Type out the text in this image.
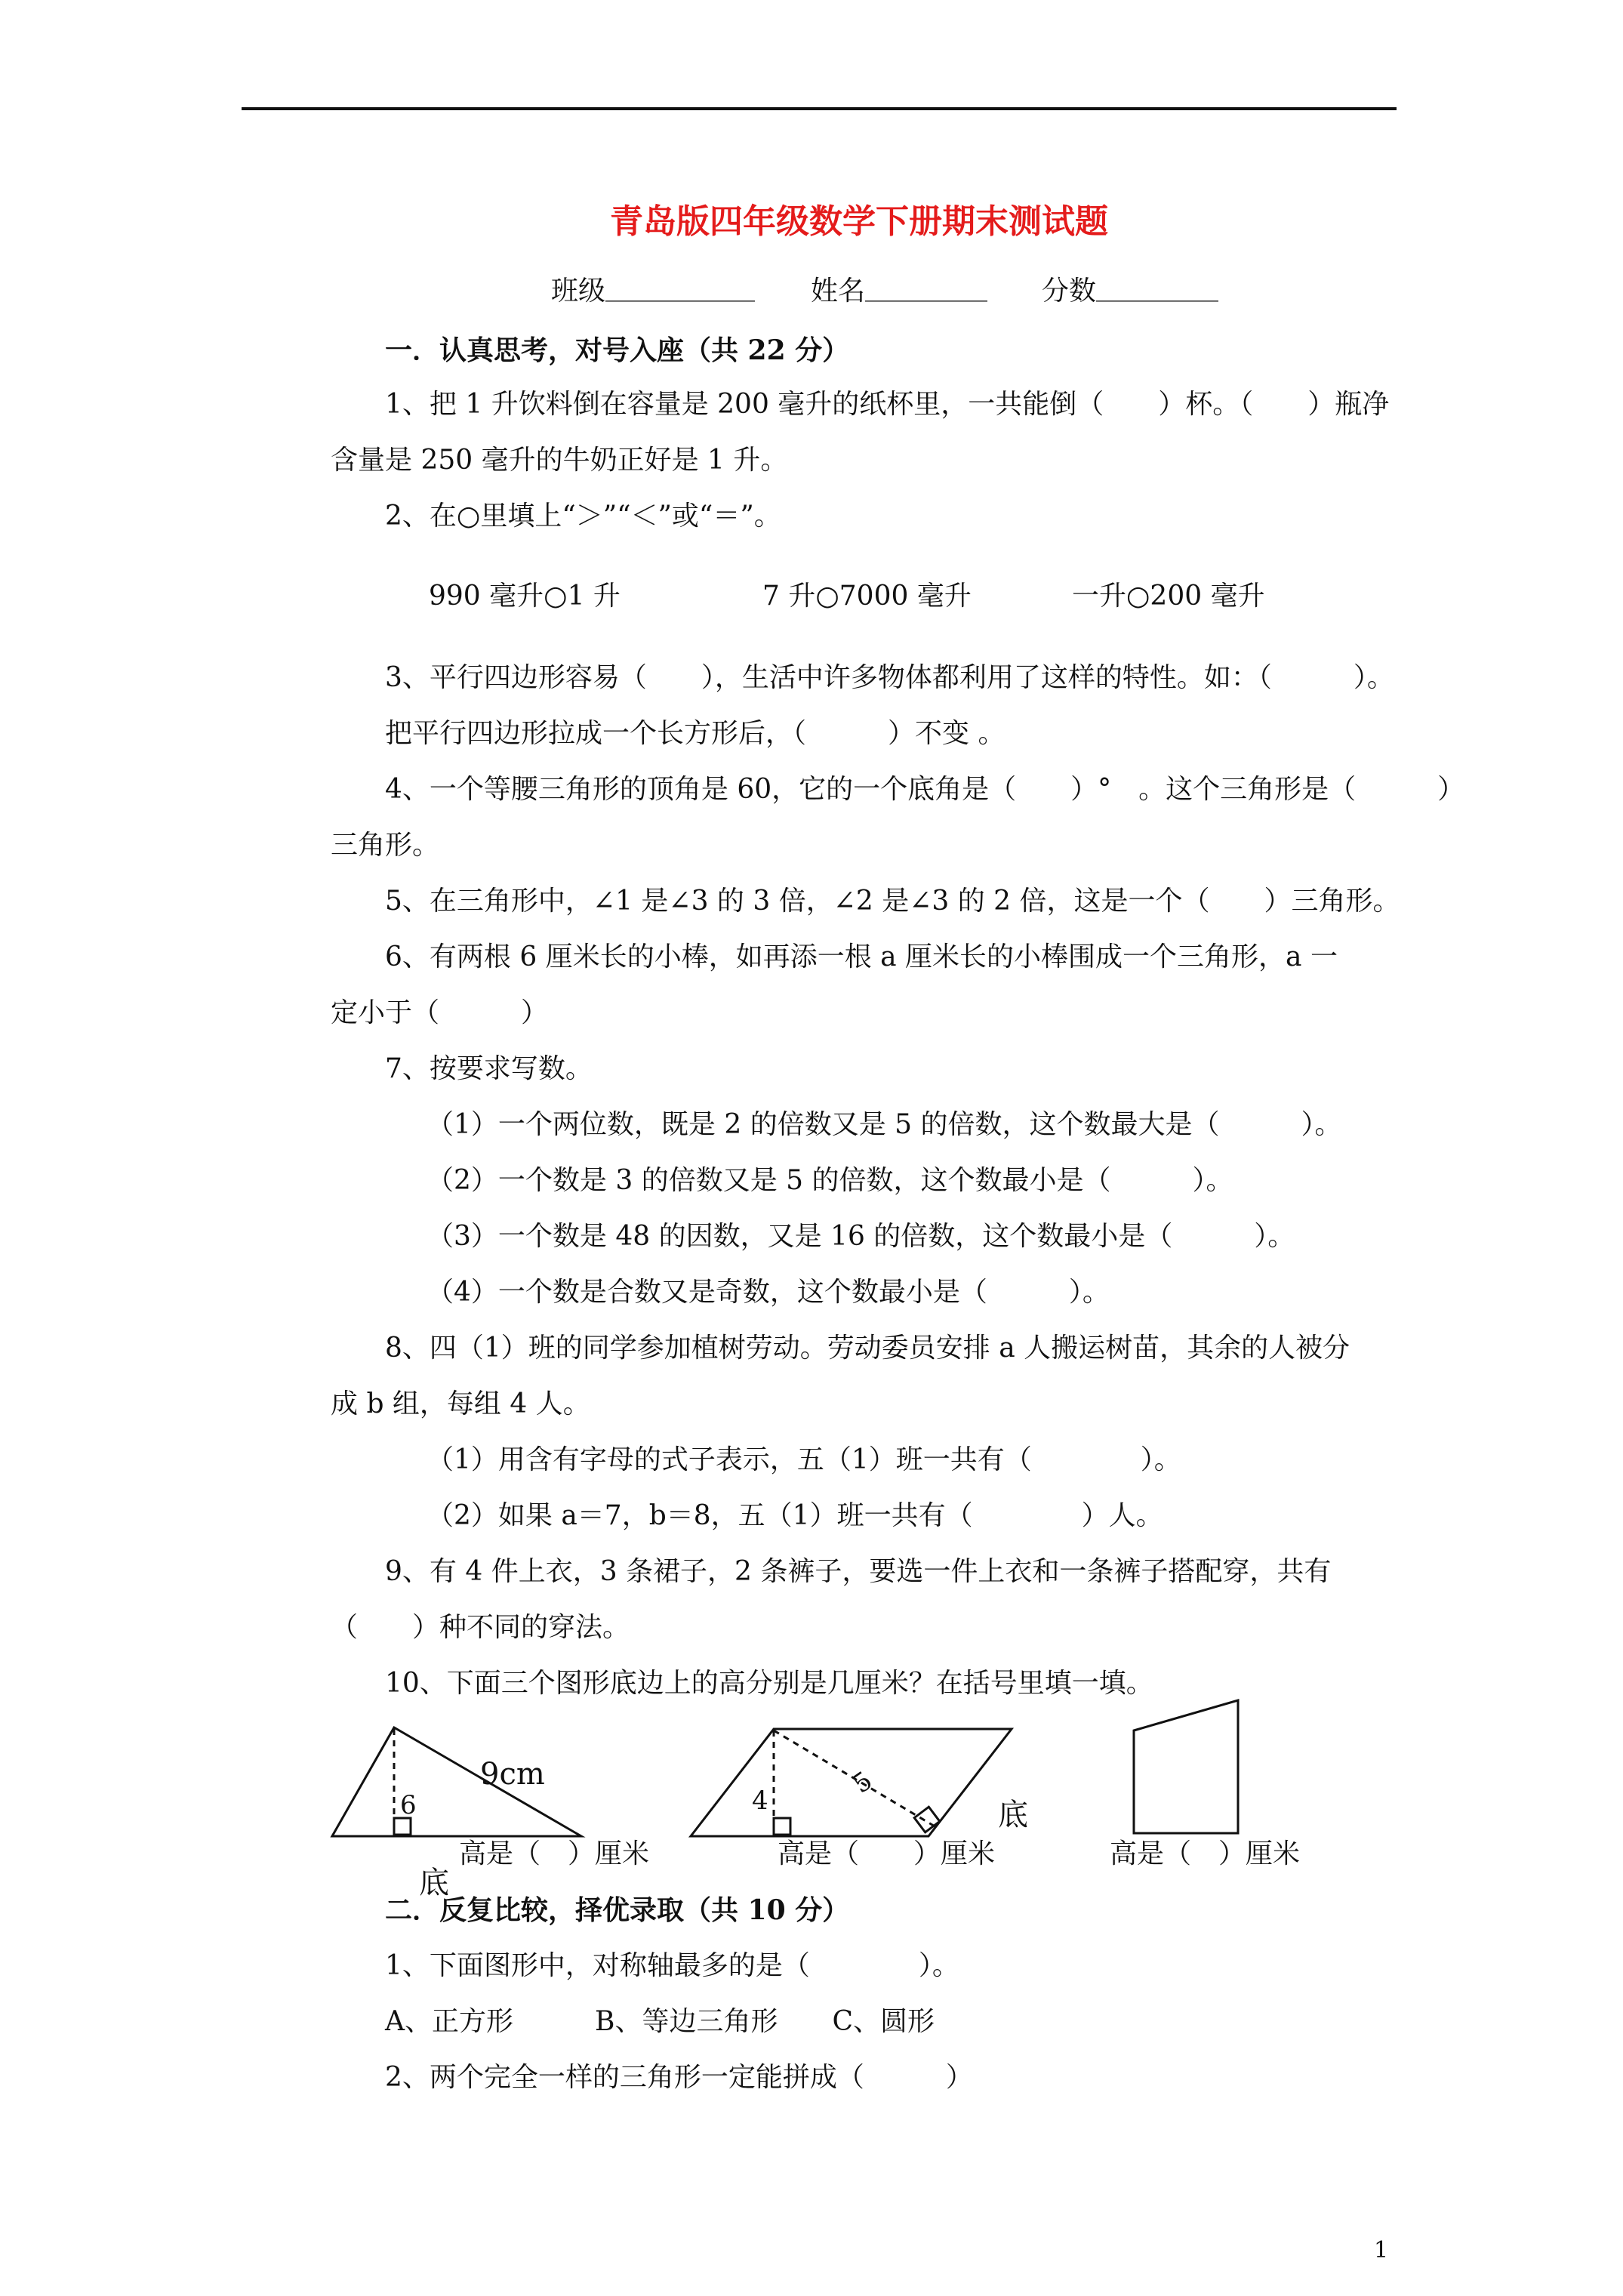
青岛版四年级数学下册期末测试题
班级 ___________ 姓名 _________ 分数 _________
一．认真思考，对号入座（共 22 分）
1、把 1 升饮料倒在容量是 200 毫升的纸杯里，一共能倒（　　）杯。（　　）瓶净
含量是 250 毫升的牛奶正好是 1 升。
2、在○里填上“＞”“＜”或“＝”。
990 毫升○1 升	7 升○7000 毫升	一升○200 毫升
3、平行四边形容易（　　），生活中许多物体都利用了这样的特性。如：（　　　）。
把平行四边形拉成一个长方形后，（　　　）不变 。
4、一个等腰三角形的顶角是 60，它的一个底角是（　　）°　。这个三角形是（　　　）
三角形。
5、在三角形中，∠1 是∠3 的 3 倍，∠2 是∠3 的 2 倍，这是一个（　　）三角形。
6、有两根 6 厘米长的小棒，如再添一根 a 厘米长的小棒围成一个三角形，a 一
定小于（　　　）
7、按要求写数。
（1）一个两位数，既是 2 的倍数又是 5 的倍数，这个数最大是（　　　）。
（2）一个数是 3 的倍数又是 5 的倍数，这个数最小是（　　　）。
（3）一个数是 48 的因数，又是 16 的倍数，这个数最小是（　　　）。
（4）一个数是合数又是奇数，这个数最小是（　　　）。
8、四（1）班的同学参加植树劳动。劳动委员安排 a 人搬运树苗，其余的人被分
成 b 组，每组 4 人。
（1）用含有字母的式子表示，五（1）班一共有（　　　　）。
（2）如果 a＝7，b＝8，五（1）班一共有（　　　　）人。
9、有 4 件上衣，3 条裙子，2 条裤子，要选一件上衣和一条裤子搭配穿，共有
（　　）种不同的穿法。
10、下面三个图形底边上的高分别是几厘米？在括号里填一填。
9cm
6
底
高是（　）厘米
4
5
底
高是（　　）厘米	高是（　）厘米
二．反复比较，择优录取（共 10 分）
1、下面图形中，对称轴最多的是（　　　　）。
A、正方形　　　B、等边三角形　　C、圆形
2、两个完全一样的三角形一定能拼成（　　　）
1
